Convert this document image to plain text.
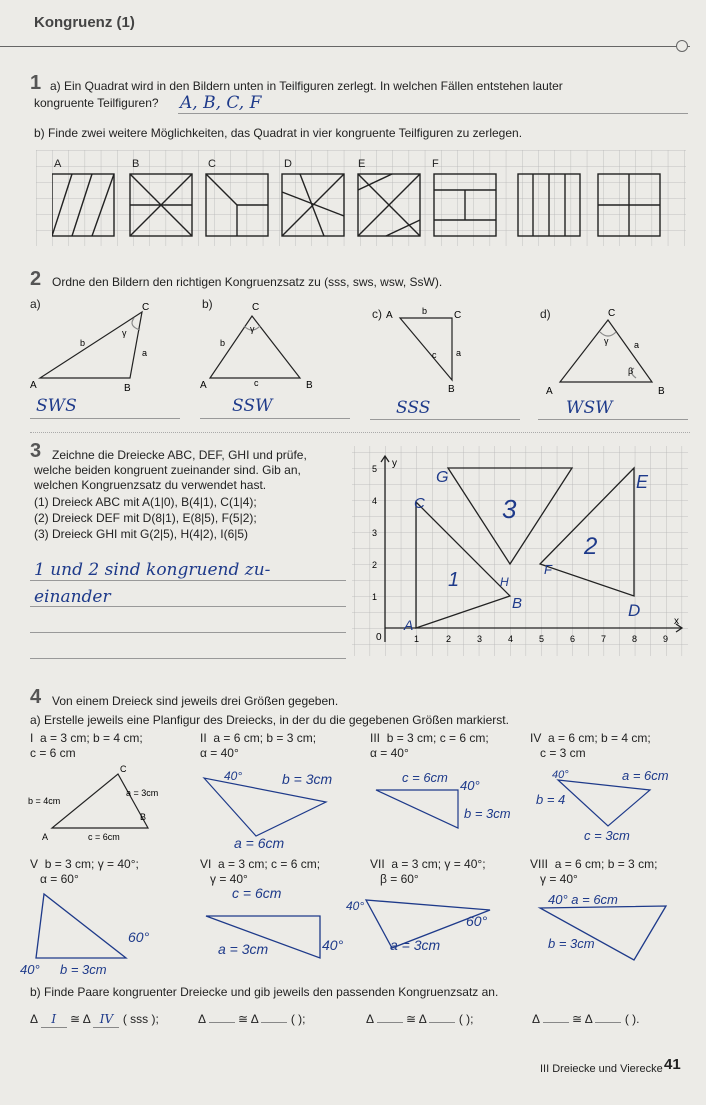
Kongruenz (1)
1 a) Ein Quadrat wird in den Bildern unten in Teilfiguren zerlegt. In welchen Fällen entstehen lauter
kongruente Teilfiguren? A, B, C, F
b) Finde zwei weitere Möglichkeiten, das Quadrat in vier kongruente Teilfiguren zu zerlegen.
A	B	C	D	E	F
2 Ordne den Bildern den richtigen Kongruenzsatz zu (sss, sws, wsw, SsW).
a)	b)
c)	d)
A	B
C
b
a
γ
A	B
C
b
c
γ
A	b	C
c a
B	A	B
C
a
γ
β
SWS	SSW	SSS	WSW
3 Zeichne die Dreiecke ABC, DEF, GHI und prüfe,
welche beiden kongruent zueinander sind. Gib an,
welchen Kongruenzsatz du verwendet hast.
(1) Dreieck ABC mit A(1|0), B(4|1), C(1|4);
(2) Dreieck DEF mit D(8|1), E(8|5), F(5|2);
(3) Dreieck GHI mit G(2|5), H(4|2), I(6|5)
1 und 2 sind kongruend zu-
einander
x
y
0	1	2	3	4	5	6	7	8	9
1
2
3
4
5	G	E
C	3
2
1	H
F
B	D
A
4 Von einem Dreieck sind jeweils drei Größen gegeben.
a) Erstelle jeweils eine Planfigur des Dreiecks, in der du die gegebenen Größen markierst.
I a = 3 cm; b = 4 cm;
c = 6 cm
II a = 6 cm; b = 3 cm;
α = 40°
III b = 3 cm; c = 6 cm;
α = 40°
IV a = 6 cm; b = 4 cm;
c = 3 cm
C
a = 3cm
b = 4cm
B
A	c = 6cm
40°	b = 3cm
a = 6cm
c = 6cm
40°
b = 3cm
b = 4
40°	a = 6cm
c = 3cm
V b = 3 cm; γ = 40°;
α = 60°
VI a = 3 cm; c = 6 cm;
γ = 40°
VII a = 3 cm; γ = 40°;
β = 60°
VIII a = 6 cm; b = 3 cm;
γ = 40°
60°
40° b = 3cm
c = 6cm
a = 3cm	40°
40°
60°
a = 3cm
40° a = 6cm
b = 3cm
b) Finde Paare kongruenter Dreiecke und gib jeweils den passenden Kongruenzsatz an.
Δ I ≅ Δ IV ( sss );	Δ	≅ Δ	( );	Δ	≅ Δ	( );	Δ	≅ Δ	( ).
III Dreiecke und Vierecke 41
